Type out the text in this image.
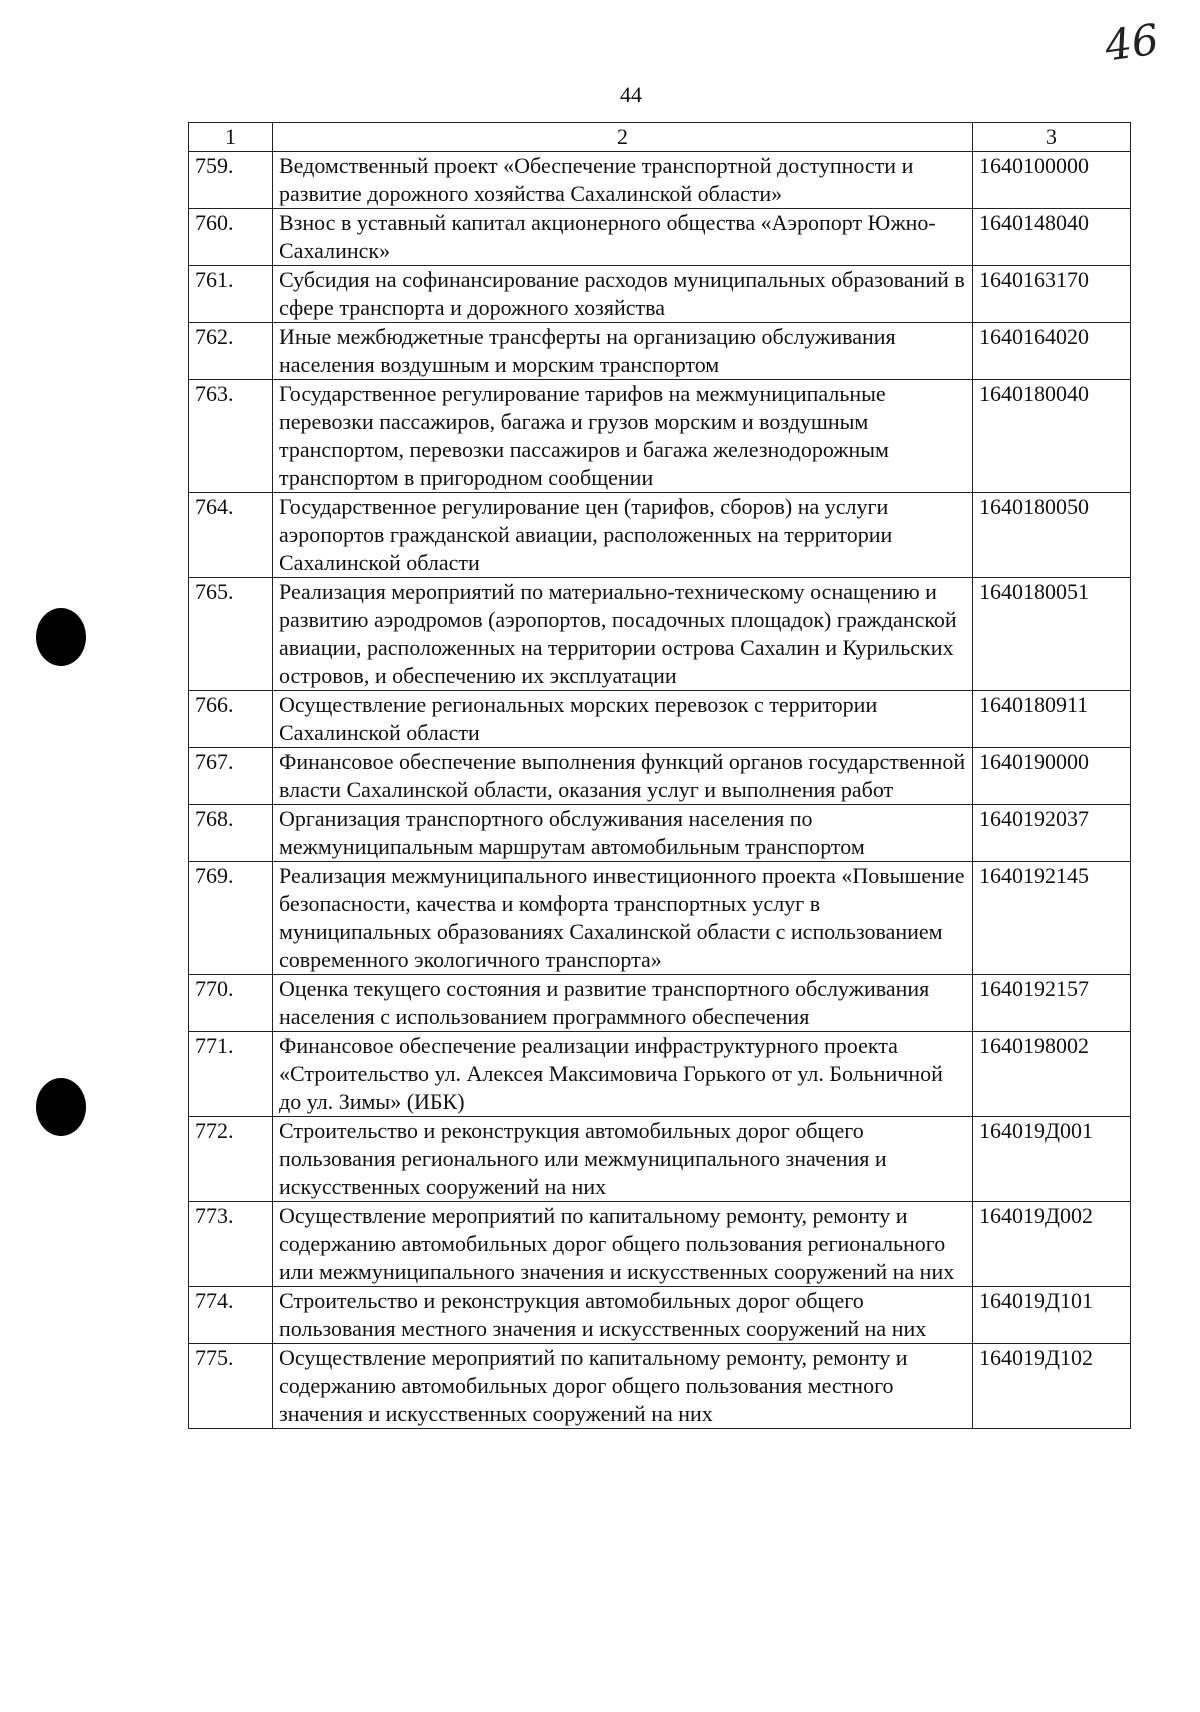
44
46
1	2	3
759.	Ведомственный проект «Обеспечение транспортной доступности и развитие дорожного хозяйства Сахалинской области»	1640100000
760.	Взнос в уставный капитал акционерного общества «Аэропорт Южно-Сахалинск»	1640148040
761.	Субсидия на софинансирование расходов муниципальных образований в сфере транспорта и дорожного хозяйства	1640163170
762.	Иные межбюджетные трансферты на организацию обслуживания населения воздушным и морским транспортом	1640164020
763.	Государственное регулирование тарифов на межмуниципальные перевозки пассажиров, багажа и грузов морским и воздушным транспортом, перевозки пассажиров и багажа железнодорожным транспортом в пригородном сообщении	1640180040
764.	Государственное регулирование цен (тарифов, сборов) на услуги аэропортов гражданской авиации, расположенных на территории Сахалинской области	1640180050
765.	Реализация мероприятий по материально-техническому оснащению и развитию аэродромов (аэропортов, посадочных площадок) гражданской авиации, расположенных на территории острова Сахалин и Курильских островов, и обеспечению их эксплуатации	1640180051
766.	Осуществление региональных морских перевозок с территории Сахалинской области	1640180911
767.	Финансовое обеспечение выполнения функций органов государственной власти Сахалинской области, оказания услуг и выполнения работ	1640190000
768.	Организация транспортного обслуживания населения по межмуниципальным маршрутам автомобильным транспортом	1640192037
769.	Реализация межмуниципального инвестиционного проекта «Повышение безопасности, качества и комфорта транспортных услуг в муниципальных образованиях Сахалинской области с использованием современного экологичного транспорта»	1640192145
770.	Оценка текущего состояния и развитие транспортного обслуживания населения с использованием программного обеспечения	1640192157
771.	Финансовое обеспечение реализации инфраструктурного проекта «Строительство ул. Алексея Максимовича Горького от ул. Больничной до ул. Зимы» (ИБК)	1640198002
772.	Строительство и реконструкция автомобильных дорог общего пользования регионального или межмуниципального значения и искусственных сооружений на них	164019Д001
773.	Осуществление мероприятий по капитальному ремонту, ремонту и содержанию автомобильных дорог общего пользования регионального или межмуниципального значения и искусственных сооружений на них	164019Д002
774.	Строительство и реконструкция автомобильных дорог общего пользования местного значения и искусственных сооружений на них	164019Д101
775.	Осуществление мероприятий по капитальному ремонту, ремонту и содержанию автомобильных дорог общего пользования местного значения и искусственных сооружений на них	164019Д102
